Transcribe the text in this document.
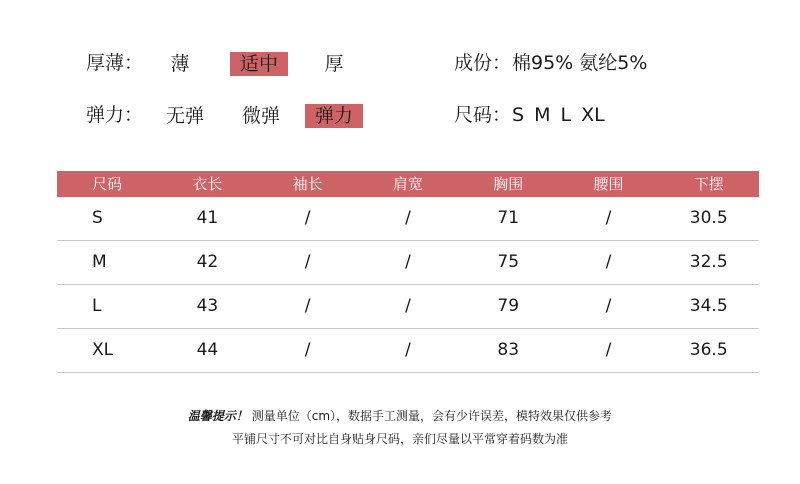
厚薄：	薄	适中	厚	成份： 棉95% 氨纶5%
弹力：	无弹	微弹	弹力	尺码： S M L XL
尺码	衣长	袖长	肩宽	胸围	腰围	下摆
S	41	/	/	71	/	30.5
M	42	/	/	75	/	32.5
L	43	/	/	79	/	34.5
XL	44	/	/	83	/	36.5
温馨提示！ 测量单位（cm），数据手工测量，会有少许误差，模特效果仅供参考
平铺尺寸不可对比自身贴身尺码，亲们尽量以平常穿着码数为准
